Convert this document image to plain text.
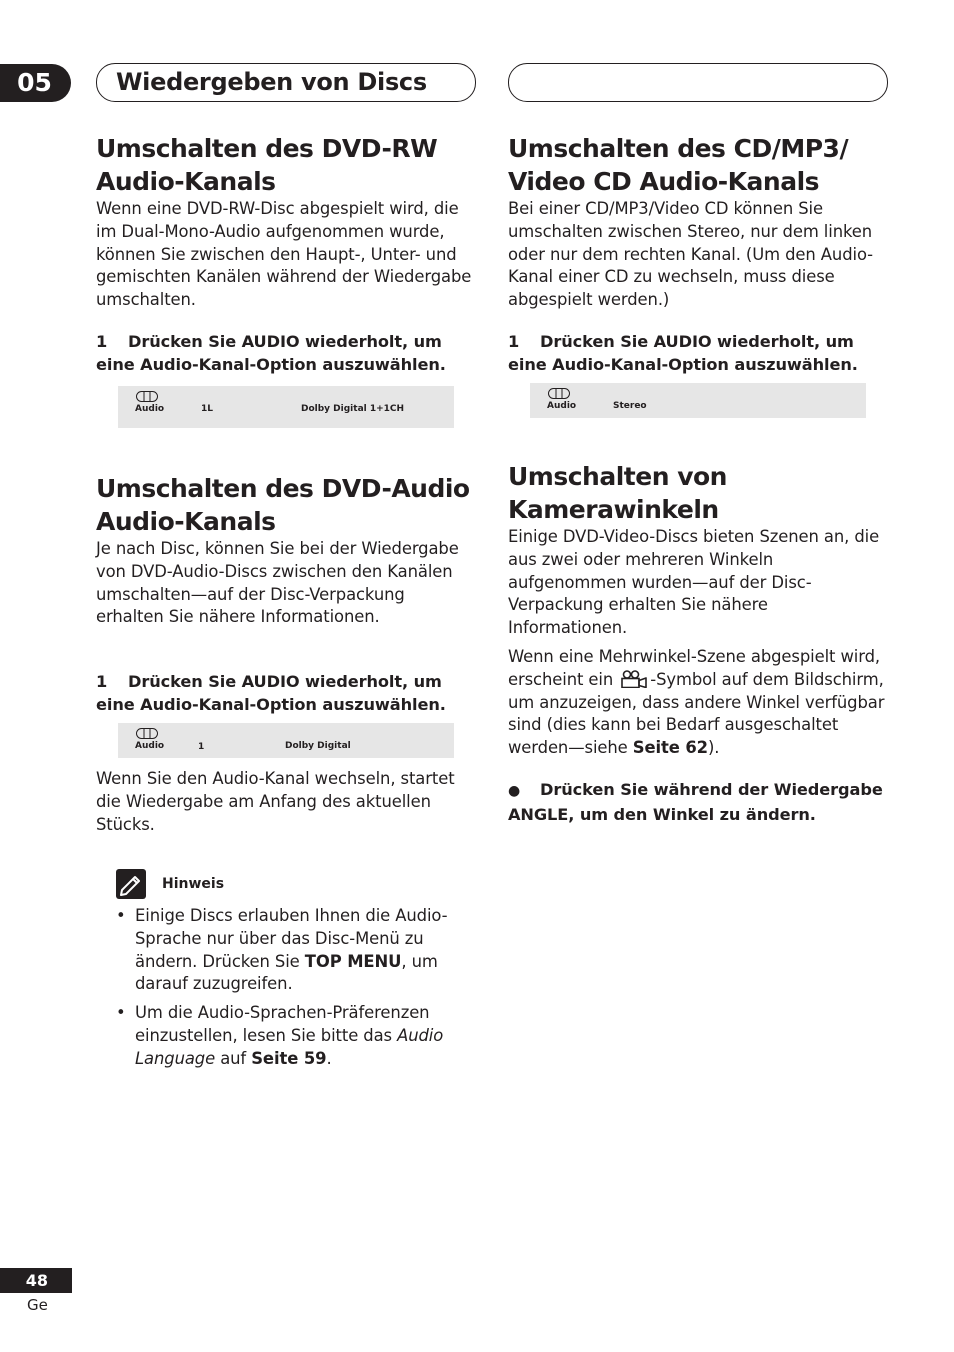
05	Wiedergeben von Discs
Umschalten des DVD-RW
Audio-Kanals

Wenn eine DVD-RW-Disc abgespielt wird, die im Dual-Mono-Audio aufgenommen wurde, können Sie zwischen den Haupt-, Unter- und gemischten Kanälen während der Wiedergabe umschalten.

1 Drücken Sie AUDIO wiederholt, um eine Audio-Kanal-Option auszuwählen.
Audio	1L	Dolby Digital 1+1CH
Umschalten des DVD-Audio
Audio-Kanals

Je nach Disc, können Sie bei der Wiedergabe von DVD-Audio-Discs zwischen den Kanälen umschalten—auf der Disc-Verpackung erhalten Sie nähere Informationen.

1 Drücken Sie AUDIO wiederholt, um eine Audio-Kanal-Option auszuwählen.
Audio	1	Dolby Digital

Wenn Sie den Audio-Kanal wechseln, startet die Wiedergabe am Anfang des aktuellen Stücks.

Hinweis
• Einige Discs erlauben Ihnen die Audio-Sprache nur über das Disc-Menü zu ändern. Drücken Sie TOP MENU, um darauf zuzugreifen.
• Um die Audio-Sprachen-Präferenzen einzustellen, lesen Sie bitte das Audio Language auf Seite 59.
Umschalten des CD/MP3/
Video CD Audio-Kanals

Bei einer CD/MP3/Video CD können Sie umschalten zwischen Stereo, nur dem linken oder nur dem rechten Kanal. (Um den Audio-Kanal einer CD zu wechseln, muss diese abgespielt werden.)

1 Drücken Sie AUDIO wiederholt, um eine Audio-Kanal-Option auszuwählen.
Audio	Stereo
Umschalten von
Kamerawinkeln

Einige DVD-Video-Discs bieten Szenen an, die aus zwei oder mehreren Winkeln aufgenommen wurden—auf der Disc-Verpackung erhalten Sie nähere Informationen.

Wenn eine Mehrwinkel-Szene abgespielt wird, erscheint ein -Symbol auf dem Bildschirm, um anzuzeigen, dass andere Winkel verfügbar sind (dies kann bei Bedarf ausgeschaltet werden—siehe Seite 62).

● Drücken Sie während der Wiedergabe ANGLE, um den Winkel zu ändern.
48
Ge
